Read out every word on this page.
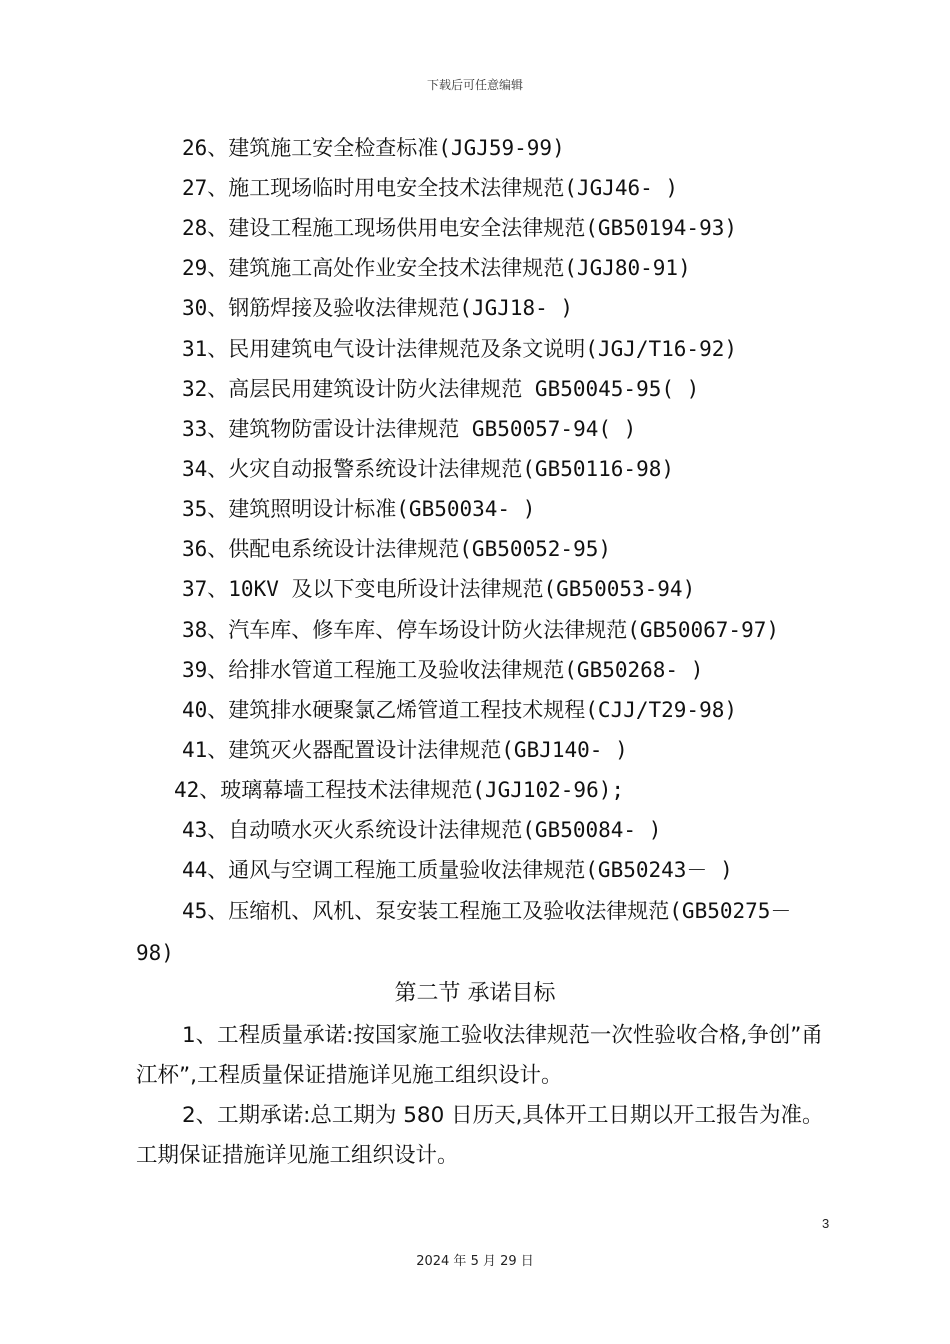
下载后可任意编辑
26、建筑施工安全检查标准(JGJ59-99)
27、施工现场临时用电安全技术法律规范(JGJ46- )
28、建设工程施工现场供用电安全法律规范(GB50194-93)
29、建筑施工高处作业安全技术法律规范(JGJ80-91)
30、钢筋焊接及验收法律规范(JGJ18- )
31、民用建筑电气设计法律规范及条文说明(JGJ/T16-92)
32、高层民用建筑设计防火法律规范 GB50045-95( )
33、建筑物防雷设计法律规范 GB50057-94( )
34、火灾自动报警系统设计法律规范(GB50116-98)
35、建筑照明设计标准(GB50034- )
36、供配电系统设计法律规范(GB50052-95)
37、10KV 及以下变电所设计法律规范(GB50053-94)
38、汽车库、修车库、停车场设计防火法律规范(GB50067-97)
39、给排水管道工程施工及验收法律规范(GB50268- )
40、建筑排水硬聚氯乙烯管道工程技术规程(CJJ/T29-98)
41、建筑灭火器配置设计法律规范(GBJ140- )
42、玻璃幕墙工程技术法律规范(JGJ102-96);
43、自动喷水灭火系统设计法律规范(GB50084- )
44、通风与空调工程施工质量验收法律规范(GB50243－ )
45、压缩机、风机、泵安装工程施工及验收法律规范(GB50275－
98)
第二节 承诺目标

1、工程质量承诺:按国家施工验收法律规范一次性验收合格,争创”甬江杯”,工程质量保证措施详见施工组织设计。

2、工期承诺:总工期为 580 日历天,具体开工日期以开工报告为准。工期保证措施详见施工组织设计。

3
2024 年 5 月 29 日
